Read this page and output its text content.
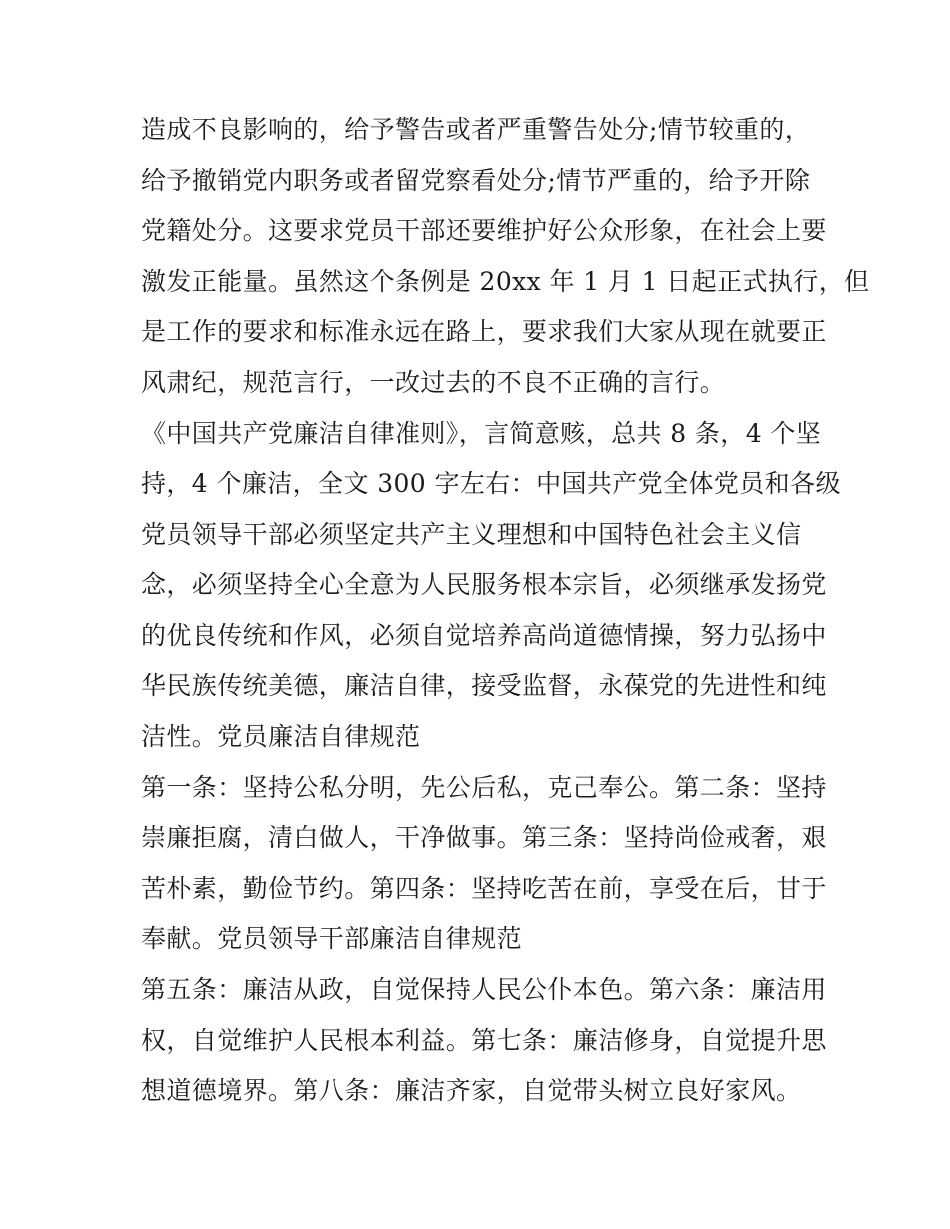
造成不良影响的，给予警告或者严重警告处分;情节较重的，
给予撤销党内职务或者留党察看处分;情节严重的，给予开除
党籍处分。这要求党员干部还要维护好公众形象，在社会上要
激发正能量。虽然这个条例是 20xx 年 1 月 1 日起正式执行，但
是工作的要求和标准永远在路上，要求我们大家从现在就要正
风肃纪，规范言行，一改过去的不良不正确的言行。
《中国共产党廉洁自律准则》，言简意赅，总共 8 条，4 个坚
持，4 个廉洁，全文 300 字左右：中国共产党全体党员和各级
党员领导干部必须坚定共产主义理想和中国特色社会主义信
念，必须坚持全心全意为人民服务根本宗旨，必须继承发扬党
的优良传统和作风，必须自觉培养高尚道德情操，努力弘扬中
华民族传统美德，廉洁自律，接受监督，永葆党的先进性和纯
洁性。党员廉洁自律规范
第一条：坚持公私分明，先公后私，克己奉公。第二条：坚持
崇廉拒腐，清白做人，干净做事。第三条：坚持尚俭戒奢，艰
苦朴素，勤俭节约。第四条：坚持吃苦在前，享受在后，甘于
奉献。党员领导干部廉洁自律规范
第五条：廉洁从政，自觉保持人民公仆本色。第六条：廉洁用
权，自觉维护人民根本利益。第七条：廉洁修身，自觉提升思
想道德境界。第八条：廉洁齐家，自觉带头树立良好家风。
